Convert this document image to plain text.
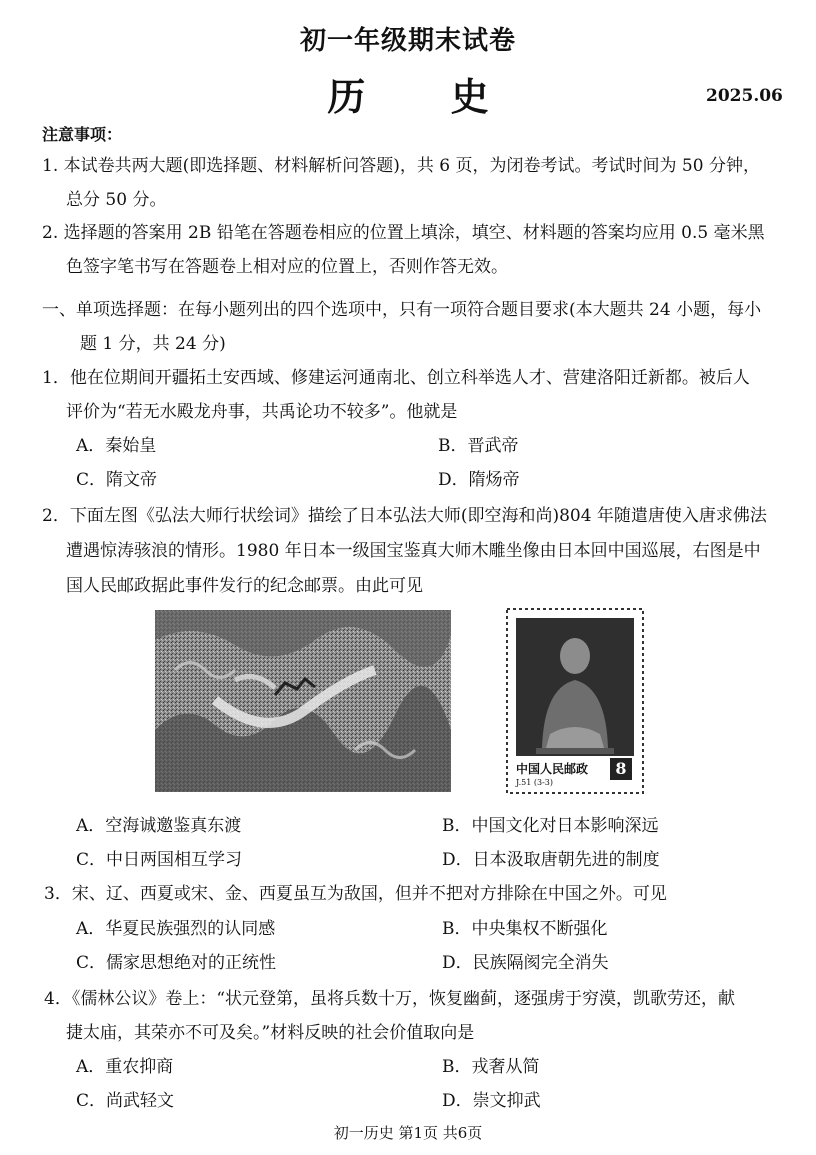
初一年级期末试卷
历 史	2025.06
注意事项：
1. 本试卷共两大题(即选择题、材料解析问答题)，共 6 页，为闭卷考试。考试时间为 50 分钟，
总分 50 分。
2. 选择题的答案用 2B 铅笔在答题卷相应的位置上填涂，填空、材料题的答案均应用 0.5 毫米黑
色签字笔书写在答题卷上相对应的位置上，否则作答无效。
一、单项选择题：在每小题列出的四个选项中，只有一项符合题目要求(本大题共 24 小题，每小
题 1 分，共 24 分)
1．他在位期间开疆拓土安西域、修建运河通南北、创立科举选人才、营建洛阳迁新都。被后人
评价为“若无水殿龙舟事，共禹论功不较多”。他就是
A．秦始皇	B．晋武帝
C．隋文帝	D．隋炀帝
2．下面左图《弘法大师行状绘词》描绘了日本弘法大师(即空海和尚)804 年随遣唐使入唐求佛法
遭遇惊涛骇浪的情形。1980 年日本一级国宝鉴真大师木雕坐像由日本回中国巡展，右图是中
国人民邮政据此事件发行的纪念邮票。由此可见
中国人民邮政	8
J.51 (3-3)
A．空海诚邀鉴真东渡	B．中国文化对日本影响深远
C．中日两国相互学习	D．日本汲取唐朝先进的制度
3．宋、辽、西夏或宋、金、西夏虽互为敌国，但并不把对方排除在中国之外。可见
A．华夏民族强烈的认同感	B．中央集权不断强化
C．儒家思想绝对的正统性	D．民族隔阂完全消失
4．《儒林公议》卷上：“状元登第，虽将兵数十万，恢复幽蓟，逐强虏于穷漠，凯歌劳还，献
捷太庙，其荣亦不可及矣。”材料反映的社会价值取向是
A．重农抑商	B．戎奢从简
C．尚武轻文	D．崇文抑武
初一历史 第1页 共6页
